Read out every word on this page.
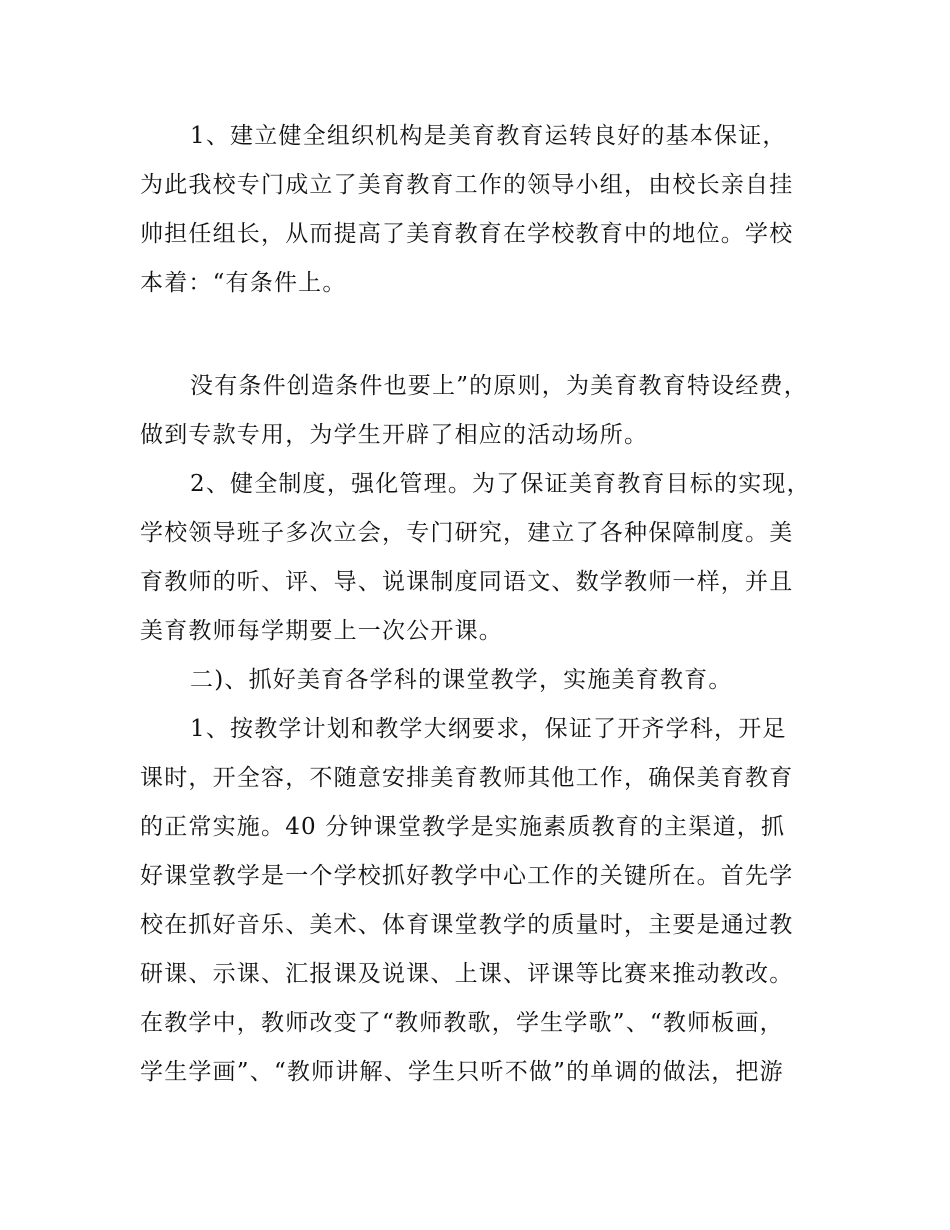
1、建立健全组织机构是美育教育运转良好的基本保证，
为此我校专门成立了美育教育工作的领导小组，由校长亲自挂
帅担任组长，从而提高了美育教育在学校教育中的地位。学校
本着：“有条件上。
没有条件创造条件也要上”的原则，为美育教育特设经费，
做到专款专用，为学生开辟了相应的活动场所。
2、健全制度，强化管理。为了保证美育教育目标的实现，
学校领导班子多次立会，专门研究，建立了各种保障制度。美
育教师的听、评、导、说课制度同语文、数学教师一样，并且
美育教师每学期要上一次公开课。
二)、抓好美育各学科的课堂教学，实施美育教育。
1、按教学计划和教学大纲要求，保证了开齐学科，开足
课时，开全容，不随意安排美育教师其他工作，确保美育教育
的正常实施。40 分钟课堂教学是实施素质教育的主渠道，抓
好课堂教学是一个学校抓好教学中心工作的关键所在。首先学
校在抓好音乐、美术、体育课堂教学的质量时，主要是通过教
研课、示课、汇报课及说课、上课、评课等比赛来推动教改。
在教学中，教师改变了“教师教歌，学生学歌”、“教师板画，
学生学画”、“教师讲解、学生只听不做”的单调的做法，把游
